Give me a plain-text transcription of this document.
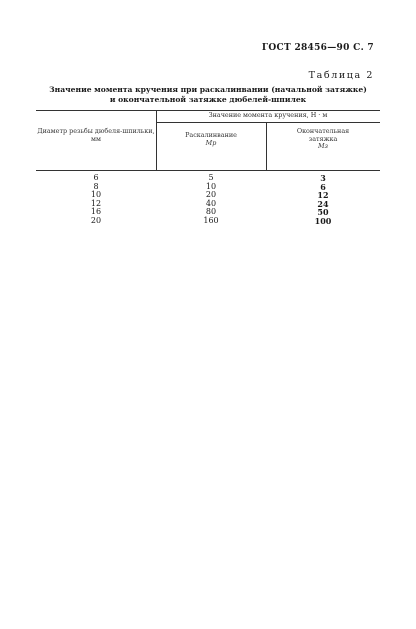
ГОСТ 28456—90 С. 7
Таблица 2
Значение момента кручения при раскалинвании (начальной затяжке)
и окончательной затяжке дюбелей-шпилек
Диаметр резьбы дюбеля-шпильки, мм
Значение момента кручения, Н · м
Раскалинвание
Mр
Окончательная затяжка
Mз
6
8
10
12
16
20
5
10
20
40
80
160
3
6
12
24
50
100
